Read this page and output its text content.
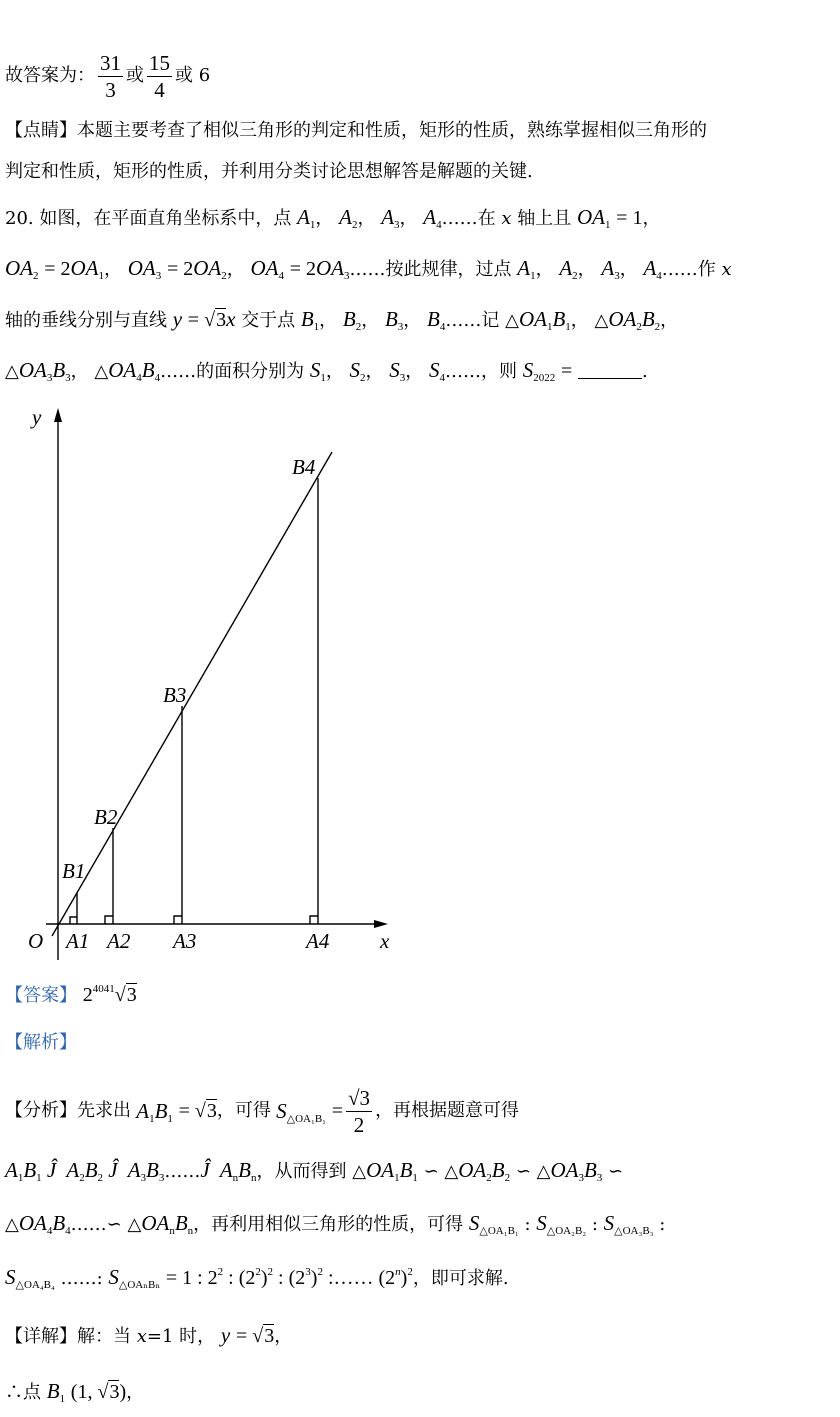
故答案为： $\frac{31}{3}$ 或 $\frac{15}{4}$ 或 6
【点睛】本题主要考查了相似三角形的判定和性质，矩形的性质，熟练掌握相似三角形的
判定和性质，矩形的性质，并利用分类讨论思想解答是解题的关键.
20. 如图，在平面直角坐标系中，点 $A_1$， $A_2$， $A_3$， $A_4\dots\dots$在 x 轴上且 $OA_1 = 1$，
$OA_2 = 2OA_1$， $OA_3 = 2OA_2$， $OA_4$ = $2OA_3\dots\dots$按此规律，过点 $A_1$， $A_2$， $A_3$， $A_4\dots\dots$作 x
轴的垂线分别与直线 y = √3x 交于点 $B_1$， $B_2$， $B_3$， $B_4\dots\dots$记 $\triangle OA_1B_1$， $\triangle OA_2B_2$，
$\triangle OA_3B_3$， $\triangle OA_4B_4\dots\dots$的面积分别为 $S_1$， $S_2$， $S_3$， $S_4\dots\dots$，则 $S_{2022}$ =	.
y
x
O A1 A2 A3	A4
B1
B2
B3
B4
【答案】 $2^{4041}√3$
【解析】
【分析】先求出 $A_1B_1$
= √3 ，可得 $S_{\triangle OA_1B_1}$
= $\frac{√3}{2}$ ，再根据题意可得
$A_1B_1$ Ĵ  $A_2B_2$ Ĵ  $A_3B_3\dots\dots Ĵ$  $A_nB_n$，从而得到 $\triangle OA_1B_1$ ∽ $\triangle OA_2B_2$ ∽ $\triangle OA_3B_3$ ∽
$\triangle OA_4B_4\dots\dots∽$ $\triangle OA_nB_n$，再利用相似三角形的性质，可得 $S_{\triangle OA_1B_1}$ : $S_{\triangle OA_2B_2}$ : $S_{\triangle OA_3B_3}$ :
$S_{\triangle OA_4B_4}$ ……: $S_{\triangle OA_nB_n} = 1$ : $2^2$ : $(2^2)^2$ : $(2^3)^2$ :…… $(2^n)^2$，即可求解.
【详解】解：当 x=1 时， y = √3，
∴点 $B_1$ (1, √3)，
